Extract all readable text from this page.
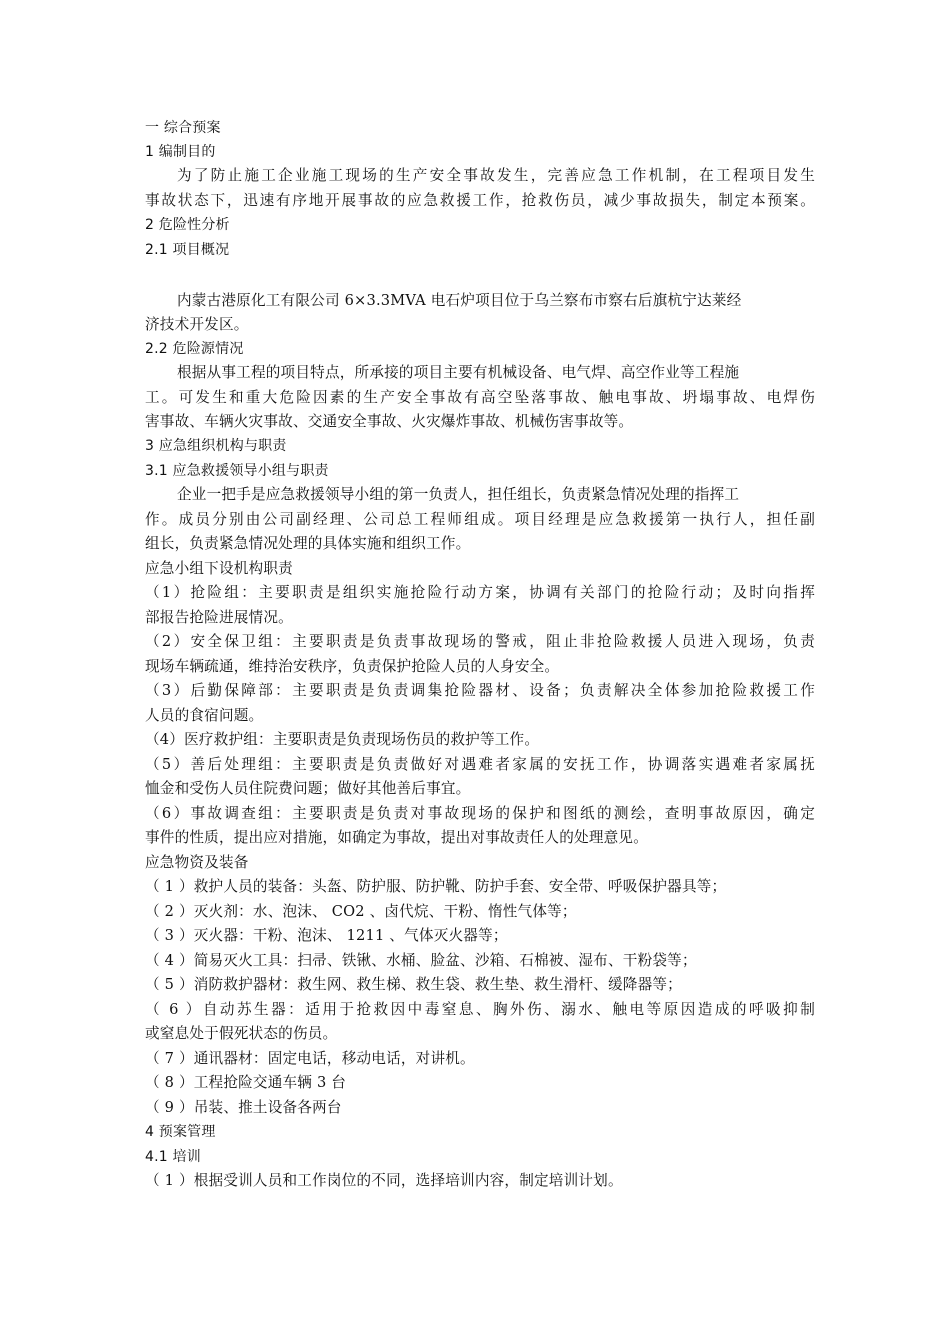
一 综合预案
1 编制目的
为了防止施工企业施工现场的生产安全事故发生，完善应急工作机制，在工程项目发生
事故状态下，迅速有序地开展事故的应急救援工作，抢救伤员，减少事故损失，制定本预案。
2 危险性分析
2.1 项目概况
内蒙古港原化工有限公司 6×3.3MVA 电石炉项目位于乌兰察布市察右后旗杭宁达莱经
济技术开发区。
2.2 危险源情况
根据从事工程的项目特点，所承接的项目主要有机械设备、电气焊、高空作业等工程施
工。可发生和重大危险因素的生产安全事故有高空坠落事故、触电事故、坍塌事故、电焊伤
害事故、车辆火灾事故、交通安全事故、火灾爆炸事故、机械伤害事故等。
3 应急组织机构与职责
3.1 应急救援领导小组与职责
企业一把手是应急救援领导小组的第一负责人，担任组长，负责紧急情况处理的指挥工
作。成员分别由公司副经理、公司总工程师组成。项目经理是应急救援第一执行人，担任副
组长，负责紧急情况处理的具体实施和组织工作。
应急小组下设机构职责
（1）抢险组：主要职责是组织实施抢险行动方案，协调有关部门的抢险行动；及时向指挥
部报告抢险进展情况。
（2）安全保卫组：主要职责是负责事故现场的警戒，阻止非抢险救援人员进入现场，负责
现场车辆疏通，维持治安秩序，负责保护抢险人员的人身安全。
（3）后勤保障部：主要职责是负责调集抢险器材、设备；负责解决全体参加抢险救援工作
人员的食宿问题。
（4）医疗救护组：主要职责是负责现场伤员的救护等工作。
（5）善后处理组：主要职责是负责做好对遇难者家属的安抚工作，协调落实遇难者家属抚
恤金和受伤人员住院费问题；做好其他善后事宜。
（6）事故调查组：主要职责是负责对事故现场的保护和图纸的测绘，查明事故原因，确定
事件的性质，提出应对措施，如确定为事故，提出对事故责任人的处理意见。
应急物资及装备
（ 1 ）救护人员的装备：头盔、防护服、防护靴、防护手套、安全带、呼吸保护器具等；
（ 2 ）灭火剂：水、泡沫、 CO2 、卤代烷、干粉、惰性气体等；
（ 3 ）灭火器：干粉、泡沫、 1211 、气体灭火器等；
（ 4 ）简易灭火工具：扫帚、铁锹、水桶、脸盆、沙箱、石棉被、湿布、干粉袋等；
（ 5 ）消防救护器材：救生网、救生梯、救生袋、救生垫、救生滑杆、缓降器等；
（ 6 ）自动苏生器：适用于抢救因中毒窒息、胸外伤、溺水、触电等原因造成的呼吸抑制
或窒息处于假死状态的伤员。
（ 7 ）通讯器材：固定电话，移动电话，对讲机。
（ 8 ）工程抢险交通车辆 3 台
（ 9 ）吊装、推土设备各两台
4 预案管理
4.1 培训
（ 1 ）根据受训人员和工作岗位的不同，选择培训内容，制定培训计划。
